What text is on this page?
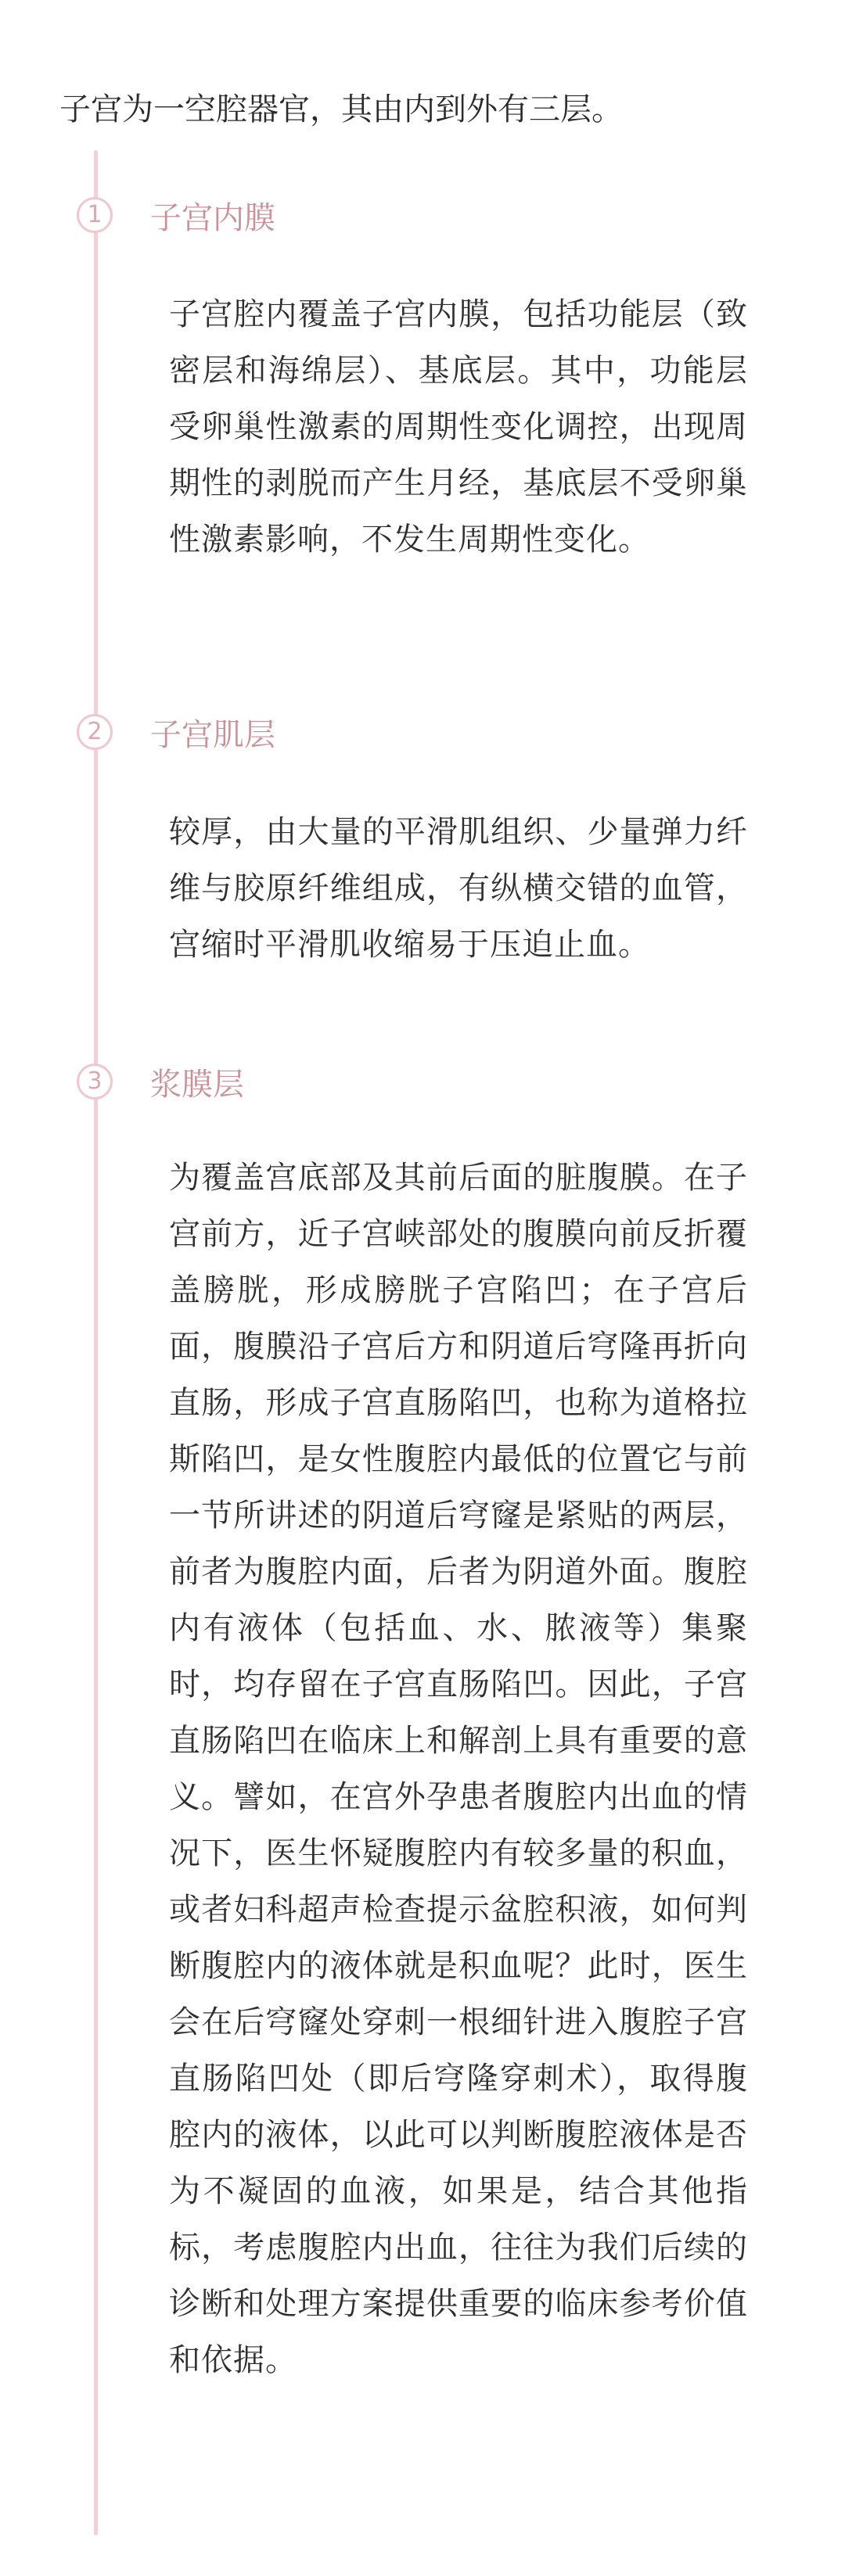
子宫为一空腔器官，其由内到外有三层。

1	子宫内膜

子宫腔内覆盖子宫内膜，包括功能层（致密层和海绵层）、基底层。其中，功能层受卵巢性激素的周期性变化调控，出现周期性的剥脱而产生月经，基底层不受卵巢性激素影响，不发生周期性变化。

2	子宫肌层

较厚，由大量的平滑肌组织、少量弹力纤维与胶原纤维组成，有纵横交错的血管，宫缩时平滑肌收缩易于压迫止血。

3	浆膜层

为覆盖宫底部及其前后面的脏腹膜。在子宫前方，近子宫峡部处的腹膜向前反折覆盖膀胱，形成膀胱子宫陷凹；在子宫后面，腹膜沿子宫后方和阴道后穹隆再折向直肠，形成子宫直肠陷凹，也称为道格拉斯陷凹，是女性腹腔内最低的位置它与前一节所讲述的阴道后穹窿是紧贴的两层，前者为腹腔内面，后者为阴道外面。腹腔内有液体（包括血、水、脓液等）集聚时，均存留在子宫直肠陷凹。因此，子宫直肠陷凹在临床上和解剖上具有重要的意义。譬如，在宫外孕患者腹腔内出血的情况下，医生怀疑腹腔内有较多量的积血，或者妇科超声检查提示盆腔积液，如何判断腹腔内的液体就是积血呢？此时，医生会在后穹窿处穿刺一根细针进入腹腔子宫直肠陷凹处（即后穹隆穿刺术），取得腹腔内的液体，以此可以判断腹腔液体是否为不凝固的血液，如果是，结合其他指标，考虑腹腔内出血，往往为我们后续的诊断和处理方案提供重要的临床参考价值和依据。
